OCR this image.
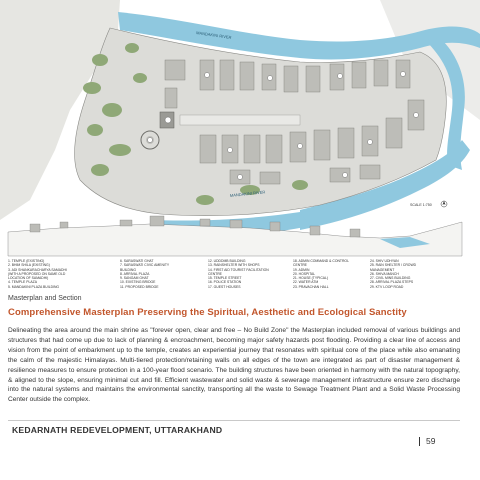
MANDAKINI RIVER
MANDAKINI RIVER
SCALE 1:750
1. TEMPLE (EXISTING)
2. BHIM SHILA (EXISTING)
3. ADI SHANKARACHARYA SAMADHI
(WITH A PROPOSED ON SAME OLD
LOCATION OF SAMADHI)
4. TEMPLE PLAZA
5. MANDAKINI PLAZA BUILDING
6. SARASWATI GHAT
7. SARASWATI CIVIC AMENITY
BUILDING
8. ARRIVAL PLAZA
9. SANGAM GHAT
10. EXISTING BRIDGE
11. PROPOSED BRIDGE
12. UDDDMB BUILDING
13. RAINSHELTER WITH SHOPS
14. FIRST AID TOURIST FACILITATION
CENTRE
15. TEMPLE STREET
16. POLICE STATION
17. GUEST HOUSES
18. ADMIN COMMAND & CONTROL
CENTRE
19. ADMIN
20. HOSPITAL
21. HOUSE (TYPICAL)
22. WATER ATM
23. PRAVACHAN HALL
24. SHIV UDHYAN
25. RAIN SHELTER / CROWD
MANAGEMENT
26. SHIVA MANCH
27. CIVIL MINS BUILDING
28. ARRIVAL PLAZA STEPS
29. KTV LOOP ROAD
Masterplan and Section
Comprehensive Masterplan Preserving the Spiritual, Aesthetic and Ecological Sanctity
Delineating the area around the main shrine as "forever open, clear and free – No Build Zone" the Masterplan included removal of various buildings and structures that had come up due to lack of planning & encroachment, becoming major safety hazards post flooding. Providing a clear line of access and vision from the point of embarkment up to the temple, creates an experiential journey that resonates with spiritual core of the place while also emanating the calm of the majestic Himalayas. Multi-tiered protection/retaining walls on all edges of the town are integrated as part of disaster management & resilience measures to ensure protection in a 100-year flood scenario. The building structures have been oriented in harmony with the natural topography, & aligned to the slope, ensuring minimal cut and fill. Efficient wastewater and solid waste & sewerage management infrastructure ensure zero discharge into the natural systems and maintains the environmental sanctity, transporting all the waste to Sewage Treatment Plant and a Solid Waste Processing Center outside the complex.
KEDARNATH REDEVELOPMENT, UTTARAKHAND
59
